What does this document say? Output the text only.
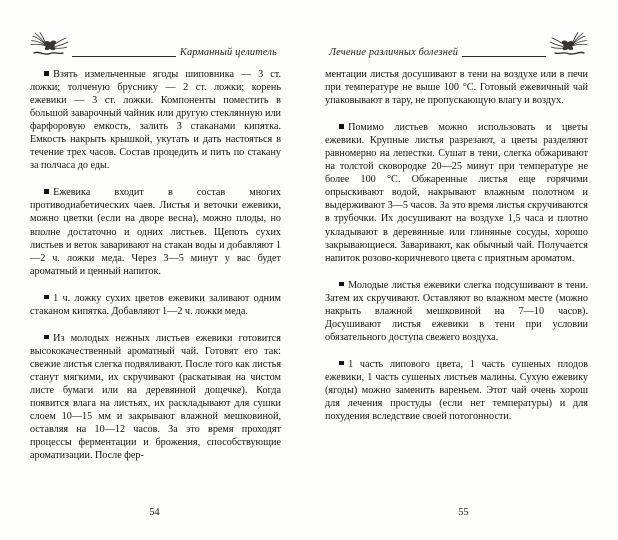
Карманный целитель

Взять измельченные ягоды шиповника — 3 ст. ложки; толченую бруснику — 2 ст. ложки; корень ежевики — 3 ст. ложки. Компоненты поместить в большой заварочный чайник или другую стеклянную или фарфоровую емкость, залить 3 стаканами кипятка. Емкость накрыть крышкой, укутать и дать настояться в течение трех часов. Состав процедить и пить по стакану за полчаса до еды.

Ежевика входит в состав многих противодиабетических чаев. Листья и веточки ежевики, можно цветки (если на дворе весна), можно плоды, но вполне достаточно и одних листьев. Щепоть сухих листьев и веток заваривают на стакан воды и добавляют 1—2 ч. ложки меда. Через 3—5 минут у вас будет ароматный и ценный напиток.

1 ч. ложку сухих цветов ежевики заливают одним стаканом кипятка. Добавляют 1—2 ч. ложки меда.

Из молодых нежных листьев ежевики готовится высококачественный ароматный чай. Готовят его так: свежие листья слегка подвяливают. После того как листья станут мягкими, их скручивают (раскатывая на чистом листе бумаги или на деревянной дощечке). Когда появится влага на листьях, их раскладывают для сушки слоем 10—15 мм и закрывают влажной мешковиной, оставляя на 10—12 часов. За это время проходят процессы ферментации и брожения, способствующие ароматизации. После фер-

54
Лечение различных болезней

ментации листья досушивают в тени на воздухе или в печи при температуре не выше 100 °С. Готовый ежевичный чай упаковывают в тару, не пропускающую влагу и воздух.

Помимо листьев можно использовать и цветы ежевики. Крупные листья разрезают, а цветы разделяют равномерно на лепестки. Сушат в тени, слегка обжаривают на толстой сковородке 20—25 минут при температуре не более 100 °С. Обжаренные листья еще горячими опрыскивают водой, накрывают влажным полотном и выдерживают 3—5 часов. За это время листья скручиваются в трубочки. Их досушивают на воздухе 1,5 часа и плотно укладывают в деревянные или глиняные сосуды, хорошо закрывающиеся. Заваривают, как обычный чай. Получается напиток розово-коричневого цвета с приятным ароматом.

Молодые листья ежевики слегка подсушивают в тени. Затем их скручивают. Оставляют во влажном месте (можно накрыть влажной мешковиной на 7—10 часов). Досушивают листья ежевики в тени при условии обязательного доступа свежего воздуха.

1 часть липового цвета, 1 часть сушеных плодов ежевики, 1 часть сушеных листьев малины. Сухую ежевику (ягоды) можно заменить вареньем. Этот чай очень хорош для лечения простуды (если нет температуры) и для похудения вследствие своей потогонности.

55
